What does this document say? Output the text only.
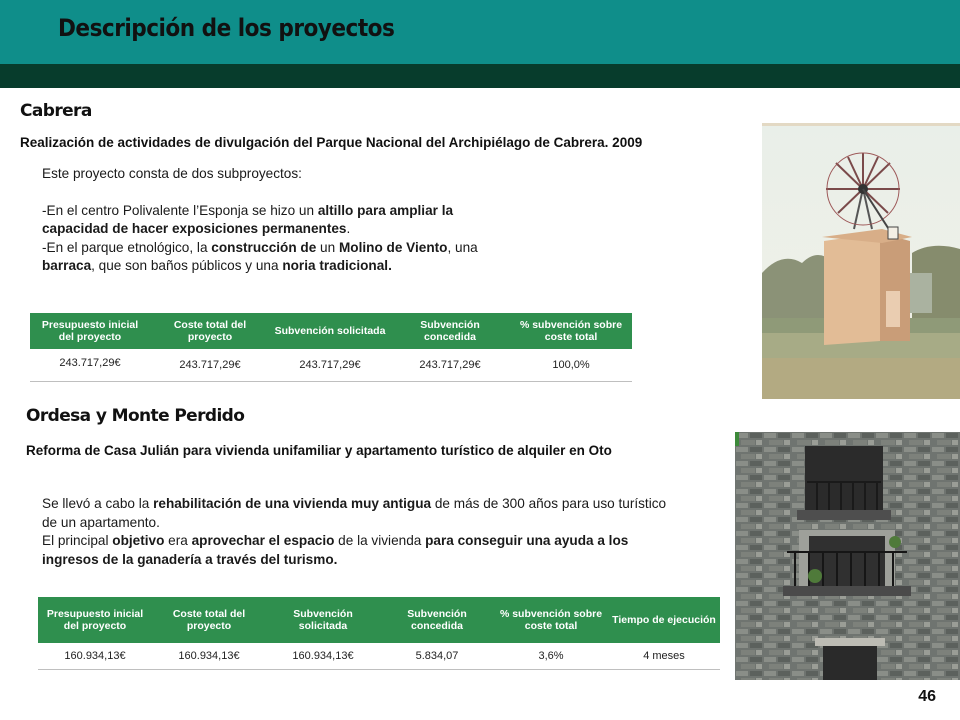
Descripción de los proyectos
Cabrera
Realización de actividades de divulgación del Parque Nacional del Archipiélago de Cabrera. 2009

Este proyecto consta de dos subproyectos:

-En el centro Polivalente l’Esponja se hizo un altillo para ampliar la capacidad de hacer exposiciones permanentes.

-En el parque etnológico, la construcción de un Molino de Viento, una barraca, que son baños públicos y una noria tradicional.

Presupuesto inicial del proyecto	Coste total del proyecto	Subvención solicitada	Subvención concedida	% subvención sobre coste total
243.717,29€	243.717,29€	243.717,29€	243.717,29€	100,0%
Ordesa y Monte Perdido
Reforma de Casa Julián para vivienda unifamiliar y apartamento turístico de alquiler en Oto

Se llevó a cabo la rehabilitación de una vivienda muy antigua de más de 300 años para uso turístico de un apartamento.

El principal objetivo era aprovechar el espacio de la vivienda para conseguir una ayuda a los ingresos de la ganadería a través del turismo.

Presupuesto inicial del proyecto	Coste total del proyecto	Subvención solicitada	Subvención concedida	% subvención sobre coste total	Tiempo de ejecución
160.934,13€	160.934,13€	160.934,13€	5.834,07	3,6%	4 meses
46
